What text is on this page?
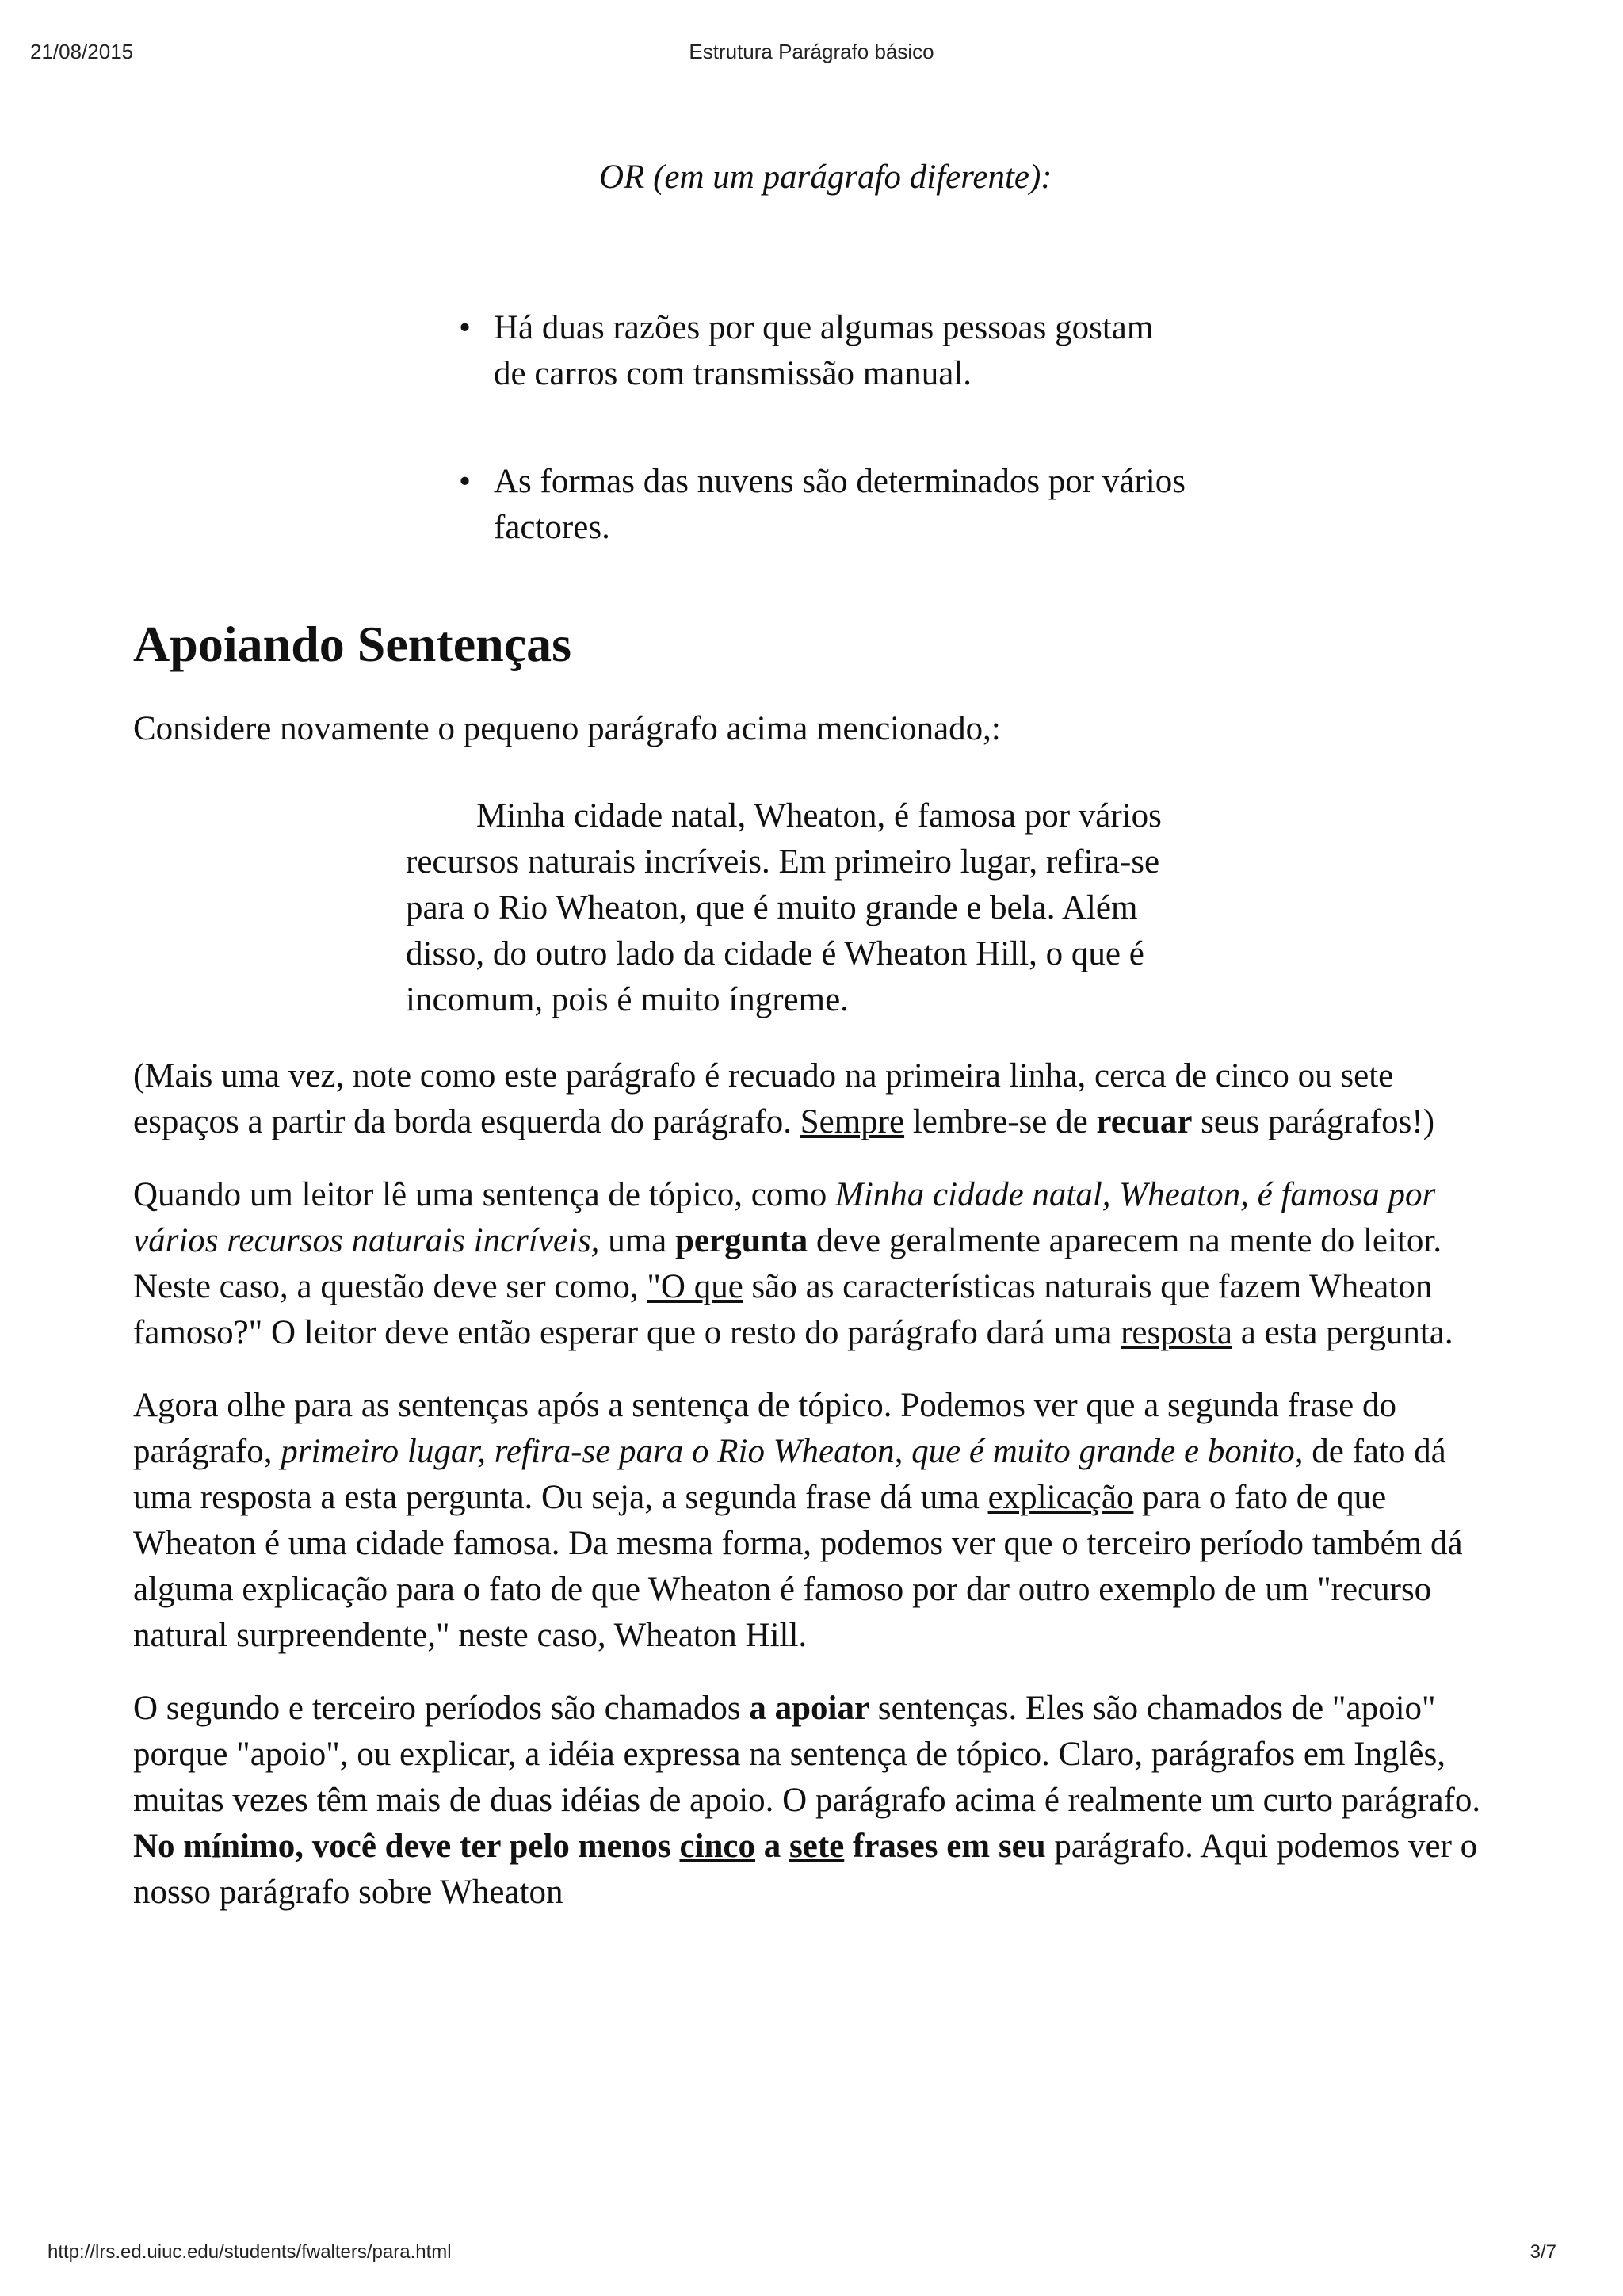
21/08/2015	Estrutura Parágrafo básico

OR (em um parágrafo diferente):

• Há duas razões por que algumas pessoas gostam de carros com transmissão manual.
• As formas das nuvens são determinados por vários factores.
Apoiando Sentenças

Considere novamente o pequeno parágrafo acima mencionado,:

Minha cidade natal, Wheaton, é famosa por vários recursos naturais incríveis. Em primeiro lugar, refira-se para o Rio Wheaton, que é muito grande e bela. Além disso, do outro lado da cidade é Wheaton Hill, o que é incomum, pois é muito íngreme.

(Mais uma vez, note como este parágrafo é recuado na primeira linha, cerca de cinco ou sete espaços a partir da borda esquerda do parágrafo. Sempre lembre-se de recuar seus parágrafos!)

Quando um leitor lê uma sentença de tópico, como Minha cidade natal, Wheaton, é famosa por vários recursos naturais incríveis, uma pergunta deve geralmente aparecem na mente do leitor. Neste caso, a questão deve ser como, "O que são as características naturais que fazem Wheaton famoso?" O leitor deve então esperar que o resto do parágrafo dará uma resposta a esta pergunta.

Agora olhe para as sentenças após a sentença de tópico. Podemos ver que a segunda frase do parágrafo, primeiro lugar, refira-se para o Rio Wheaton, que é muito grande e bonito, de fato dá uma resposta a esta pergunta. Ou seja, a segunda frase dá uma explicação para o fato de que Wheaton é uma cidade famosa. Da mesma forma, podemos ver que o terceiro período também dá alguma explicação para o fato de que Wheaton é famoso por dar outro exemplo de um "recurso natural surpreendente," neste caso, Wheaton Hill.

O segundo e terceiro períodos são chamados a apoiar sentenças. Eles são chamados de "apoio" porque "apoio", ou explicar, a idéia expressa na sentença de tópico. Claro, parágrafos em Inglês, muitas vezes têm mais de duas idéias de apoio. O parágrafo acima é realmente um curto parágrafo. No mínimo, você deve ter pelo menos cinco a sete frases em seu parágrafo. Aqui podemos ver o nosso parágrafo sobre Wheaton

http://lrs.ed.uiuc.edu/students/fwalters/para.html	3/7
